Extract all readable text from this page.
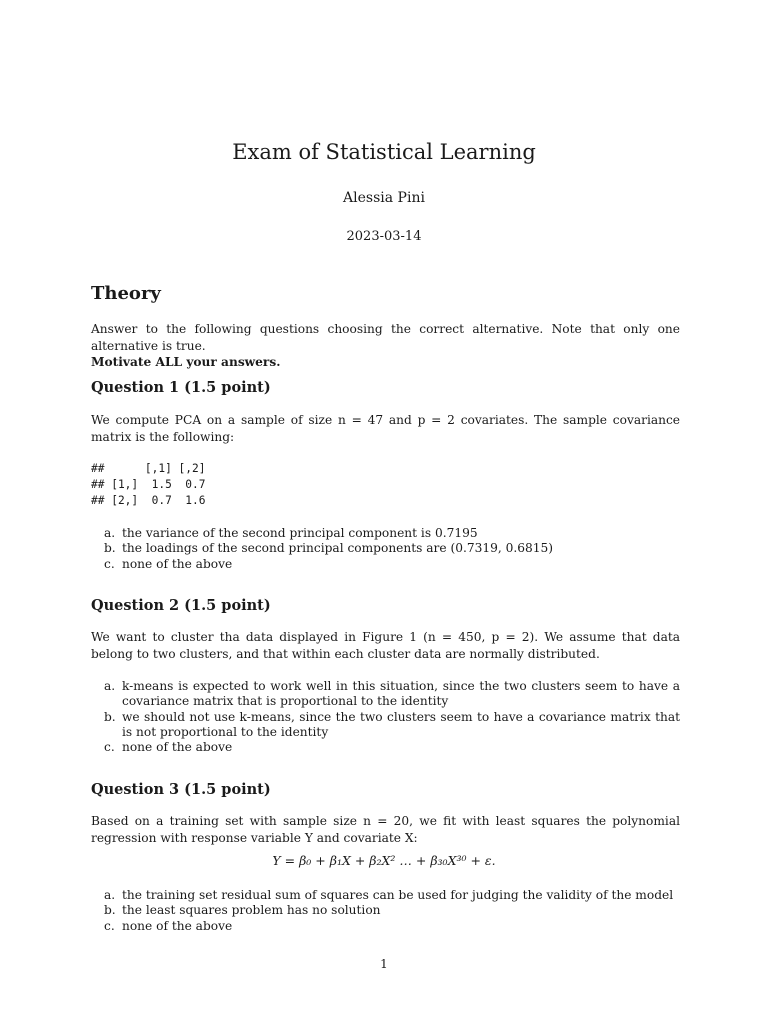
Exam of Statistical Learning
Alessia Pini
2023-03-14
Theory
Answer to the following questions choosing the correct alternative. Note that only one alternative is true.
Motivate ALL your answers.
Question 1 (1.5 point)
We compute PCA on a sample of size n = 47 and p = 2 covariates. The sample covariance matrix is the following:
##      [,1] [,2]
## [1,]  1.5  0.7
## [2,]  0.7  1.6
a. the variance of the second principal component is 0.7195
b. the loadings of the second principal components are (0.7319, 0.6815)
c. none of the above
Question 2 (1.5 point)
We want to cluster tha data displayed in Figure 1 (n = 450, p = 2). We assume that data belong to two clusters, and that within each cluster data are normally distributed.
a. k-means is expected to work well in this situation, since the two clusters seem to have a covariance matrix that is proportional to the identity
b. we should not use k-means, since the two clusters seem to have a covariance matrix that is not proportional to the identity
c. none of the above
Question 3 (1.5 point)
Based on a training set with sample size n = 20, we fit with least squares the polynomial regression with response variable Y and covariate X:
Y = β₀ + β₁X + β₂X² … + β₃₀X³⁰ + ε.
a. the training set residual sum of squares can be used for judging the validity of the model
b. the least squares problem has no solution
c. none of the above
1
